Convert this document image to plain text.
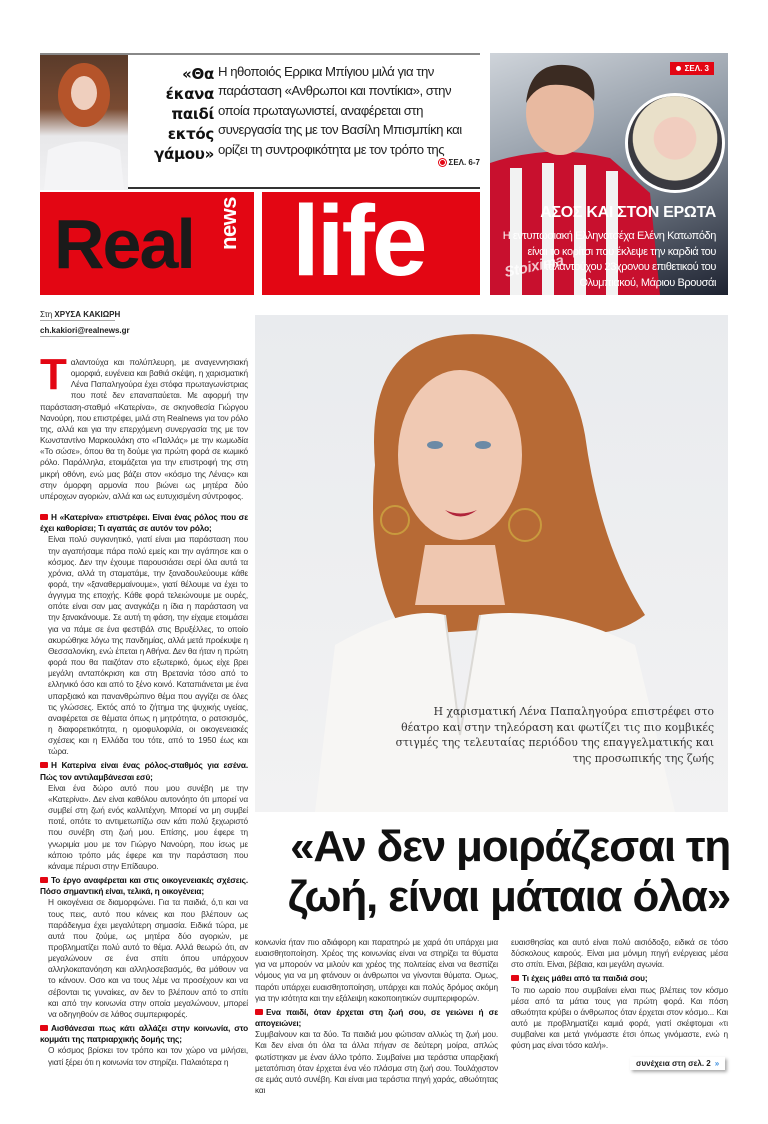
«Θα έκανα παιδί εκτός γάμου»
Η ηθοποιός Ερρικα Μπίγιου μιλά για την παράσταση «Ανθρωποι και ποντίκια», στην οποία πρωταγωνιστεί, αναφέρεται στη συνεργασία της με τον Βασίλη Μπισμπίκη και ορίζει τη συντροφικότητα με τον τρόπο της
ΣΕΛ. 6-7
Stoixima
ΣΕΛ. 3
ΑΣΟΣ ΚΑΙ ΣΤΟΝ ΕΡΩΤΑ
Η εντυπωσιακή Ελληνοτσέχα Ελένη Κατωπόδη είναι το κορίτσι που έκλεψε την καρδιά του ταλαντούχου 23χρονου επιθετικού του Ολυμπιακού, Μάριου Βρουσάι
Real news life
Στη ΧΡΥΣΑ ΚΑΚΙΩΡΗ
ch.kakiori@realnews.gr

Ταλαντούχα και πολύπλευρη, με αναγεννησιακή ομορφιά, ευγένεια και βαθιά σκέψη, η χαρισματική Λένα Παπαληγούρα έχει στόφα πρωταγωνίστριας που ποτέ δεν επαναπαύεται. Με αφορμή την παράσταση-σταθμό «Κατερίνα», σε σκηνοθεσία Γιώργου Νανούρη, που επιστρέφει, μιλά στη Realnews για τον ρόλο της, αλλά και για την επερχόμενη συνεργασία της με τον Κωνσταντίνο Μαρκουλάκη στο «Παλλάς» με την κωμωδία «Το σώσε», όπου θα τη δούμε για πρώτη φορά σε κωμικό ρόλο. Παράλληλα, ετοιμάζεται για την επιστροφή της στη μικρή οθόνη, ενώ μας βάζει στον «κόσμο της Λένας» και στην όμορφη αρμονία που βιώνει ως μητέρα δύο υπέροχων αγοριών, αλλά και ως ευτυχισμένη σύντροφος.

Η «Κατερίνα» επιστρέφει. Είναι ένας ρόλος που σε έχει καθορίσει; Τι αγαπάς σε αυτόν τον ρόλο;

Είναι πολύ συγκινητικό, γιατί είναι μια παράσταση που την αγαπήσαμε πάρα πολύ εμείς και την αγάπησε και ο κόσμος. Δεν την έχουμε παρουσιάσει σερί όλα αυτά τα χρόνια, αλλά τη σταματάμε, την ξαναδουλεύουμε κάθε φορά, την «ξαναθερμαίνουμε», γιατί θέλουμε να έχει το άγγιγμα της εποχής. Κάθε φορά τελειώνουμε με ουρές, οπότε είναι σαν μας αναγκάζει η ίδια η παράσταση να την ξανακάνουμε. Σε αυτή τη φάση, την είχαμε ετοιμάσει για να πάμε σε ένα φεστιβάλ στις Βρυξέλλες, το οποίο ακυρώθηκε λόγω της πανδημίας, αλλά μετά προέκυψε η Θεσσαλονίκη, ενώ έπεται η Αθήνα. Δεν θα ήταν η πρώτη φορά που θα παιζόταν στο εξωτερικό, όμως είχε βρει μεγάλη ανταπόκριση και στη Βρετανία τόσο από το ελληνικό όσο και από το ξένο κοινό. Καταπιάνεται με ένα υπαρξιακό και πανανθρώπινο θέμα που αγγίζει σε όλες τις γλώσσες. Εκτός από το ζήτημα της ψυχικής υγείας, αναφέρεται σε θέματα όπως η μητρότητα, ο ρατσισμός, η διαφορετικότητα, η ομοφυλοφιλία, οι οικογενειακές σχέσεις και η Ελλάδα του τότε, από το 1950 έως και τώρα.

Η Κατερίνα είναι ένας ρόλος-σταθμός για εσένα. Πώς τον αντιλαμβάνεσαι εσύ;

Είναι ένα δώρο αυτό που μου συνέβη με την «Κατερίνα». Δεν είναι καθόλου αυτονόητο ότι μπορεί να συμβεί στη ζωή ενός καλλιτέχνη. Μπορεί να μη συμβεί ποτέ, οπότε το αντιμετωπίζω σαν κάτι πολύ ξεχωριστό που συνέβη στη ζωή μου. Επίσης, μου έφερε τη γνωριμία μου με τον Γιώργο Νανούρη, που ίσως με κάποιο τρόπο μάς έφερε και την παράσταση που κάναμε πέρυσι στην Επίδαυρο.

Το έργο αναφέρεται και στις οικογενειακές σχέσεις. Πόσο σημαντική είναι, τελικά, η οικογένεια;

Η οικογένεια σε διαμορφώνει. Για τα παιδιά, ό,τι και να τους πεις, αυτό που κάνεις και που βλέπουν ως παράδειγμα έχει μεγαλύτερη σημασία. Ειδικά τώρα, με αυτά που ζούμε, ως μητέρα δύο αγοριών, με προβληματίζει πολύ αυτό το θέμα. Αλλά θεωρώ ότι, αν μεγαλώνουν σε ένα σπίτι όπου υπάρχουν αλληλοκατανόηση και αλληλοσεβασμός, θα μάθουν να το κάνουν. Οσο και να τους λέμε να προσέχουν και να σέβονται τις γυναίκες, αν δεν το βλέπουν από το σπίτι και από την κοινωνία στην οποία μεγαλώνουν, μπορεί να οδηγηθούν σε λάθος συμπεριφορές.

Αισθάνεσαι πως κάτι αλλάζει στην κοινωνία, στο κομμάτι της πατριαρχικής δομής της;

Ο κόσμος βρίσκει τον τρόπο και τον χώρο να μιλήσει, γιατί ξέρει ότι η κοινωνία τον στηρίζει. Παλαιότερα η

Η χαρισματική Λένα Παπαληγούρα επιστρέφει στο θέατρο και στην τηλεόραση και φωτίζει τις πιο κομβικές στιγμές της τελευταίας περιόδου της επαγγελματικής και της προσωπικής της ζωής
«Αν δεν μοιράζεσαι τη ζωή, είναι μάταια όλα»

κοινωνία ήταν πιο αδιάφορη και παρατηρώ με χαρά ότι υπάρχει μια ευαισθητοποίηση. Χρέος της κοινωνίας είναι να στηρίζει τα θύματα για να μπορούν να μιλούν και χρέος της πολιτείας είναι να θεσπίζει νόμους για να μη φτάνουν οι άνθρωποι να γίνονται θύματα. Ομως, παρότι υπάρχει ευαισθητοποίηση, υπάρχει και πολύς δρόμος ακόμη για την ισότητα και την εξάλειψη κακοποιητικών συμπεριφορών.

Ενα παιδί, όταν έρχεται στη ζωή σου, σε γειώνει ή σε απογειώνει;

Συμβαίνουν και τα δύο. Τα παιδιά μου φώτισαν αλλιώς τη ζωή μου. Και δεν είναι ότι όλα τα άλλα πήγαν σε δεύτερη μοίρα, απλώς φωτίστηκαν με έναν άλλο τρόπο. Συμβαίνει μια τεράστια υπαρξιακή μετατόπιση όταν έρχεται ένα νέο πλάσμα στη ζωή σου. Τουλάχιστον σε εμάς αυτό συνέβη. Και είναι μια τεράστια πηγή χαράς, αθωότητας και

ευαισθησίας και αυτό είναι πολύ αισιόδοξο, ειδικά σε τόσο δύσκολους καιρούς. Είναι μια μόνιμη πηγή ενέργειας μέσα στο σπίτι. Είναι, βέβαια, και μεγάλη αγωνία.

Τι έχεις μάθει από τα παιδιά σου;

Το πιο ωραίο που συμβαίνει είναι πως βλέπεις τον κόσμο μέσα από τα μάτια τους για πρώτη φορά. Και πόση αθωότητα κρύβει ο άνθρωπος όταν έρχεται στον κόσμο... Και αυτό με προβληματίζει καμιά φορά, γιατί σκέφτομαι «τι συμβαίνει και μετά γινόμαστε έτσι όπως γινόμαστε, ενώ η φύση μας είναι τόσο καλή».

συνέχεια στη σελ. 2 »
